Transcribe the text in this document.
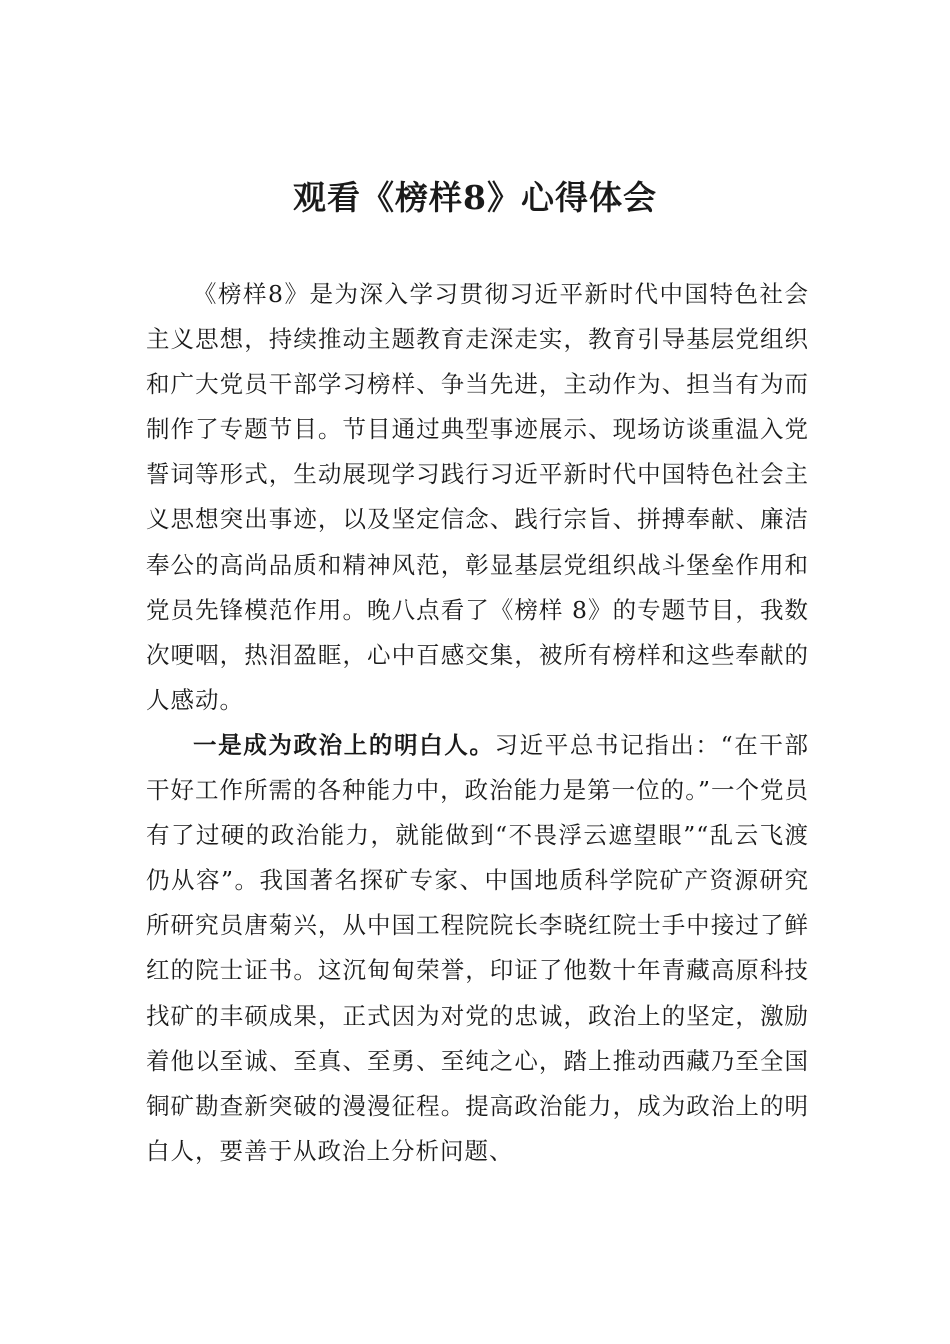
观看《榜样8》心得体会

《榜样8》是为深入学习贯彻习近平新时代中国特色社会主义思想，持续推动主题教育走深走实，教育引导基层党组织和广大党员干部学习榜样、争当先进，主动作为、担当有为而制作了专题节目。节目通过典型事迹展示、现场访谈重温入党誓词等形式，生动展现学习践行习近平新时代中国特色社会主义思想突出事迹，以及坚定信念、践行宗旨、拼搏奉献、廉洁奉公的高尚品质和精神风范，彰显基层党组织战斗堡垒作用和党员先锋模范作用。晚八点看了《榜样 8》的专题节目，我数次哽咽，热泪盈眶，心中百感交集，被所有榜样和这些奉献的人感动。

一是成为政治上的明白人。习近平总书记指出：“在干部干好工作所需的各种能力中，政治能力是第一位的。”一个党员有了过硬的政治能力，就能做到“不畏浮云遮望眼”“乱云飞渡仍从容”。我国著名探矿专家、中国地质科学院矿产资源研究所研究员唐菊兴，从中国工程院院长李晓红院士手中接过了鲜红的院士证书。这沉甸甸荣誉，印证了他数十年青藏高原科技找矿的丰硕成果，正式因为对党的忠诚，政治上的坚定，激励着他以至诚、至真、至勇、至纯之心，踏上推动西藏乃至全国铜矿勘查新突破的漫漫征程。提高政治能力，成为政治上的明白人，要善于从政治上分析问题、
